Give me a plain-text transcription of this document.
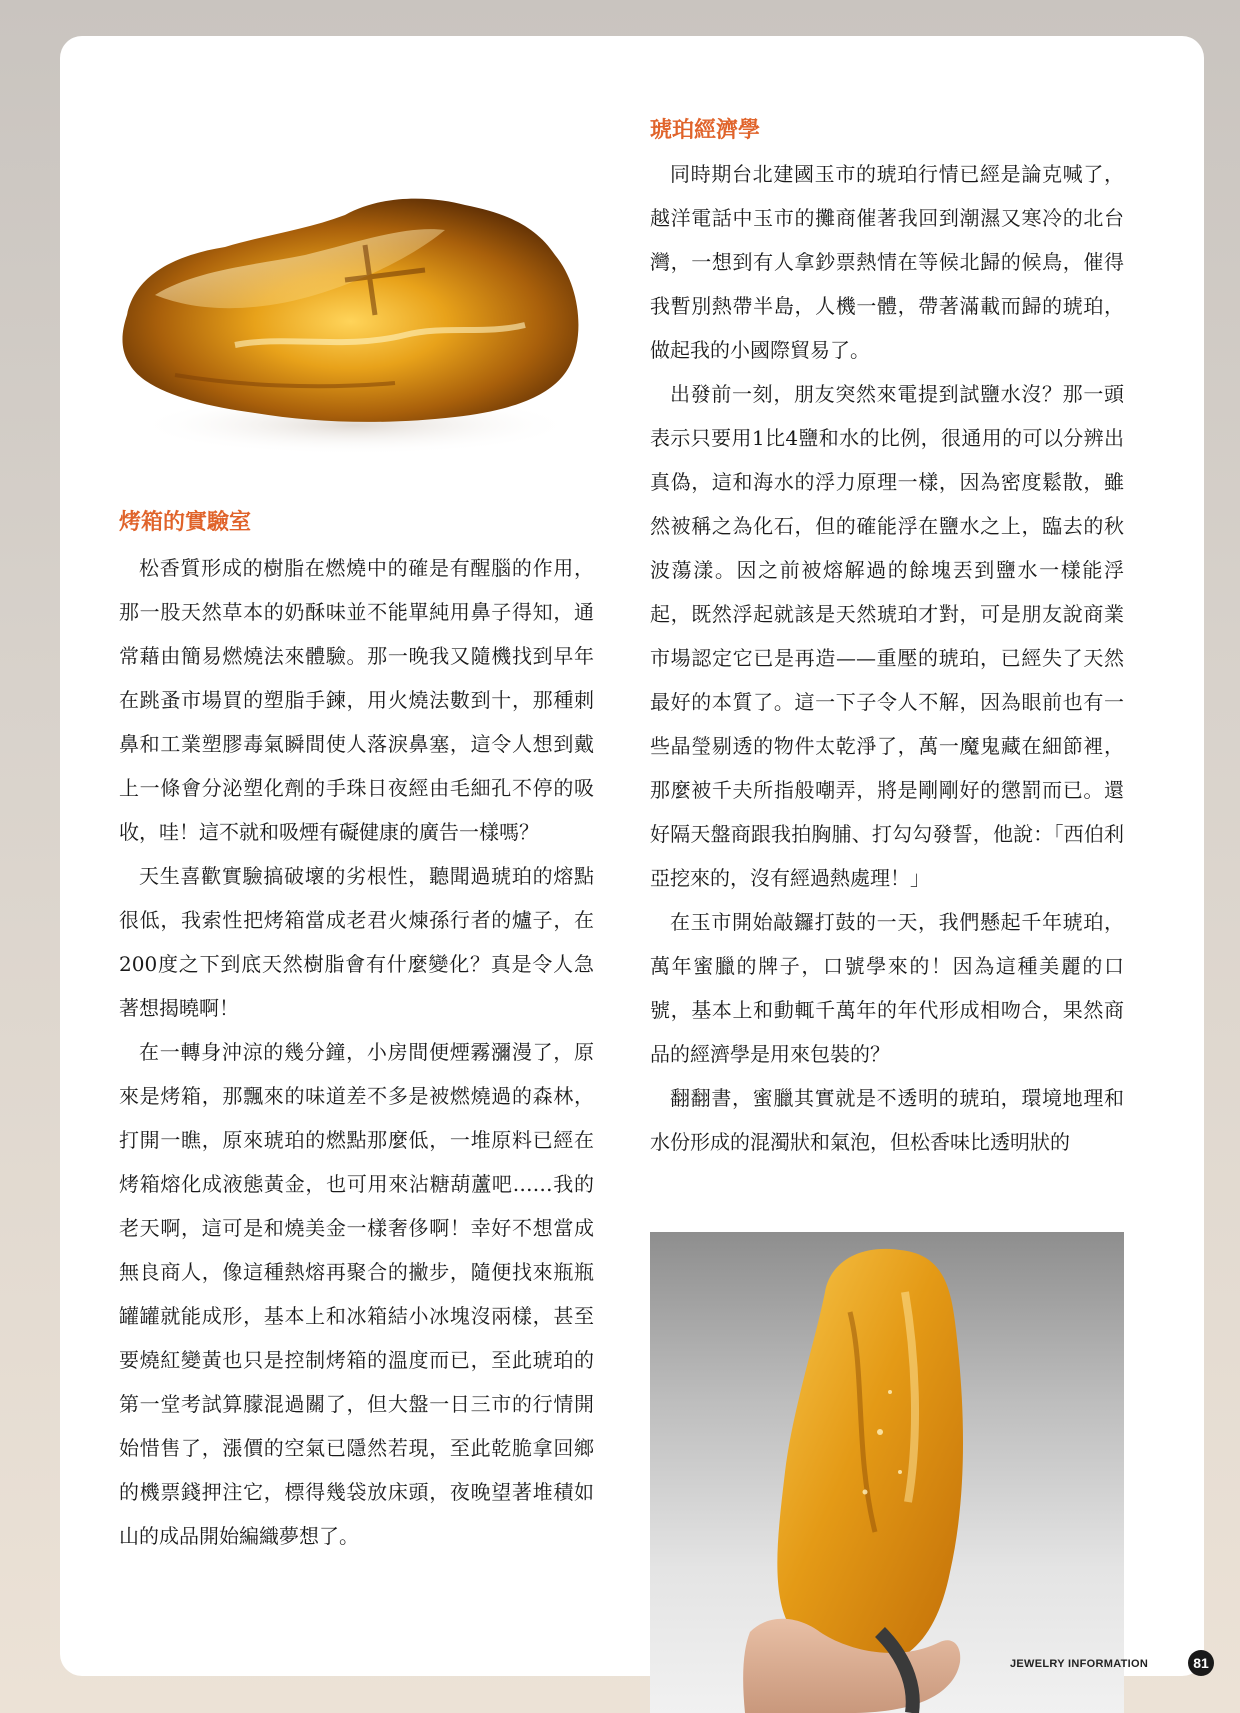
烤箱的實驗室

松香質形成的樹脂在燃燒中的確是有醒腦的作用，那一股天然草本的奶酥味並不能單純用鼻子得知，通常藉由簡易燃燒法來體驗。那一晚我又隨機找到早年在跳蚤市場買的塑脂手鍊，用火燒法數到十，那種刺鼻和工業塑膠毒氣瞬間使人落淚鼻塞，這令人想到戴上一條會分泌塑化劑的手珠日夜經由毛細孔不停的吸收，哇！這不就和吸煙有礙健康的廣告一樣嗎？

天生喜歡實驗搞破壞的劣根性，聽聞過琥珀的熔點很低，我索性把烤箱當成老君火煉孫行者的爐子，在200度之下到底天然樹脂會有什麼變化？真是令人急著想揭曉啊！

在一轉身沖涼的幾分鐘，小房間便煙霧瀰漫了，原來是烤箱，那飄來的味道差不多是被燃燒過的森林，打開一瞧，原來琥珀的燃點那麼低，一堆原料已經在烤箱熔化成液態黃金，也可用來沾糖葫蘆吧……我的老天啊，這可是和燒美金一樣奢侈啊！幸好不想當成無良商人，像這種熱熔再聚合的撇步，隨便找來瓶瓶罐罐就能成形，基本上和冰箱結小冰塊沒兩樣，甚至要燒紅變黃也只是控制烤箱的溫度而已，至此琥珀的第一堂考試算朦混過關了，但大盤一日三市的行情開始惜售了，漲價的空氣已隱然若現，至此乾脆拿回鄉的機票錢押注它，標得幾袋放床頭，夜晚望著堆積如山的成品開始編織夢想了。

琥珀經濟學

同時期台北建國玉市的琥珀行情已經是論克喊了，越洋電話中玉市的攤商催著我回到潮濕又寒冷的北台灣，一想到有人拿鈔票熱情在等候北歸的候鳥，催得我暫別熱帶半島，人機一體，帶著滿載而歸的琥珀，做起我的小國際貿易了。

出發前一刻，朋友突然來電提到試鹽水沒？那一頭表示只要用1比4鹽和水的比例，很通用的可以分辨出真偽，這和海水的浮力原理一樣，因為密度鬆散，雖然被稱之為化石，但的確能浮在鹽水之上，臨去的秋波蕩漾。因之前被熔解過的餘塊丟到鹽水一樣能浮起，既然浮起就該是天然琥珀才對，可是朋友說商業市場認定它已是再造——重壓的琥珀，已經失了天然最好的本質了。這一下子令人不解，因為眼前也有一些晶瑩剔透的物件太乾淨了，萬一魔鬼藏在細節裡，那麼被千夫所指般嘲弄，將是剛剛好的懲罰而已。還好隔天盤商跟我拍胸脯、打勾勾發誓，他說：「西伯利亞挖來的，沒有經過熱處理！」

在玉市開始敲鑼打鼓的一天，我們懸起千年琥珀，萬年蜜臘的牌子，口號學來的！因為這種美麗的口號，基本上和動輒千萬年的年代形成相吻合，果然商品的經濟學是用來包裝的？

翻翻書，蜜臘其實就是不透明的琥珀，環境地理和水份形成的混濁狀和氣泡，但松香味比透明狀的

JEWELRY INFORMATION	81
